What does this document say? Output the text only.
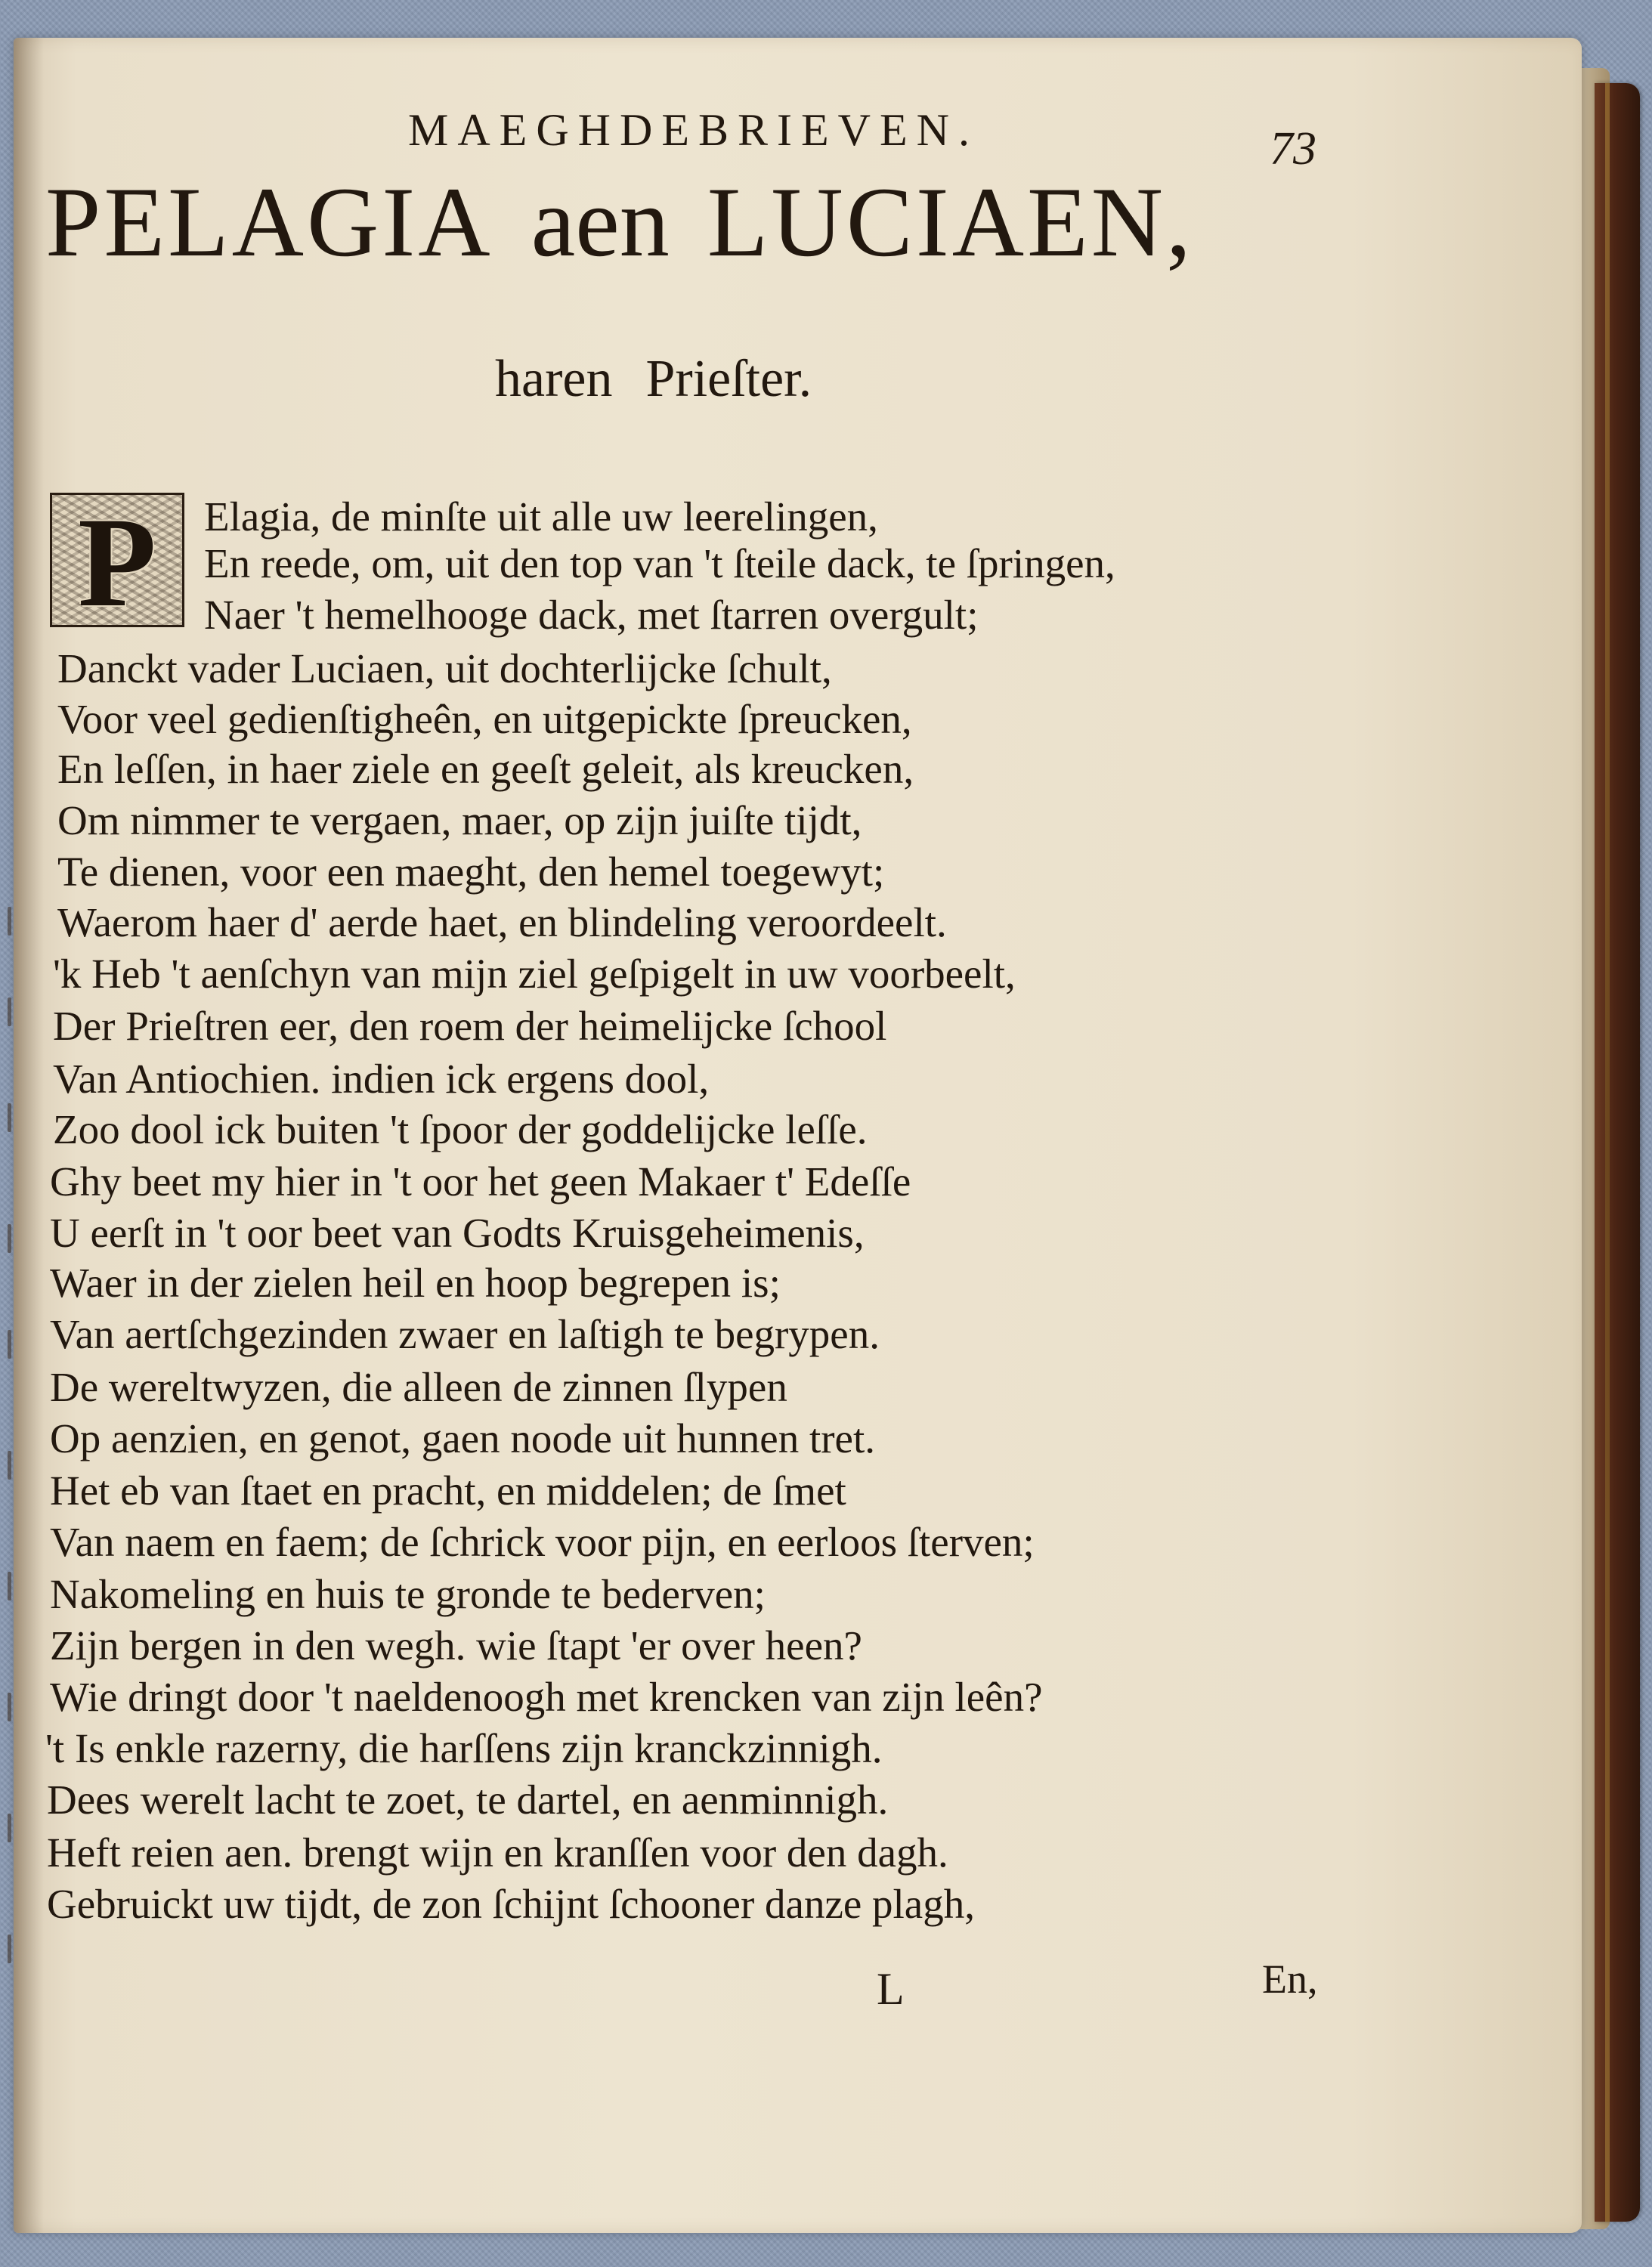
MAEGHDEBRIEVEN.	73
PELAGIA aen LUCIAEN,
haren Prieſter.
P	Elagia, de minſte uit alle uw leerelingen,
En reede, om, uit den top van 't ſteile dack, te ſpringen,
Naer 't hemelhooge dack, met ſtarren overgult;
Danckt vader Luciaen, uit dochterlijcke ſchult,
Voor veel gedienſtigheên, en uitgepickte ſpreucken,
En leſſen, in haer ziele en geeſt geleit, als kreucken,
Om nimmer te vergaen, maer, op zijn juiſte tijdt,
Te dienen, voor een maeght, den hemel toegewyt;
Waerom haer d' aerde haet, en blindeling veroordeelt.
'k Heb 't aenſchyn van mijn ziel geſpigelt in uw voorbeelt,
Der Prieſtren eer, den roem der heimelijcke ſchool
Van Antiochien. indien ick ergens dool,
Zoo dool ick buiten 't ſpoor der goddelijcke leſſe.
Ghy beet my hier in 't oor het geen Makaer t' Edeſſe
U eerſt in 't oor beet van Godts Kruisgeheimenis,
Waer in der zielen heil en hoop begrepen is;
Van aertſchgezinden zwaer en laſtigh te begrypen.
De wereltwyzen, die alleen de zinnen ſlypen
Op aenzien, en genot, gaen noode uit hunnen tret.
Het eb van ſtaet en pracht, en middelen; de ſmet
Van naem en faem; de ſchrick voor pijn, en eerloos ſterven;
Nakomeling en huis te gronde te bederven;
Zijn bergen in den wegh. wie ſtapt 'er over heen?
Wie dringt door 't naeldenoogh met krencken van zijn leên?
't Is enkle razerny, die harſſens zijn kranckzinnigh.
Dees werelt lacht te zoet, te dartel, en aenminnigh.
Heft reien aen. brengt wijn en kranſſen voor den dagh.
Gebruickt uw tijdt, de zon ſchijnt ſchooner danze plagh,
L	En,
